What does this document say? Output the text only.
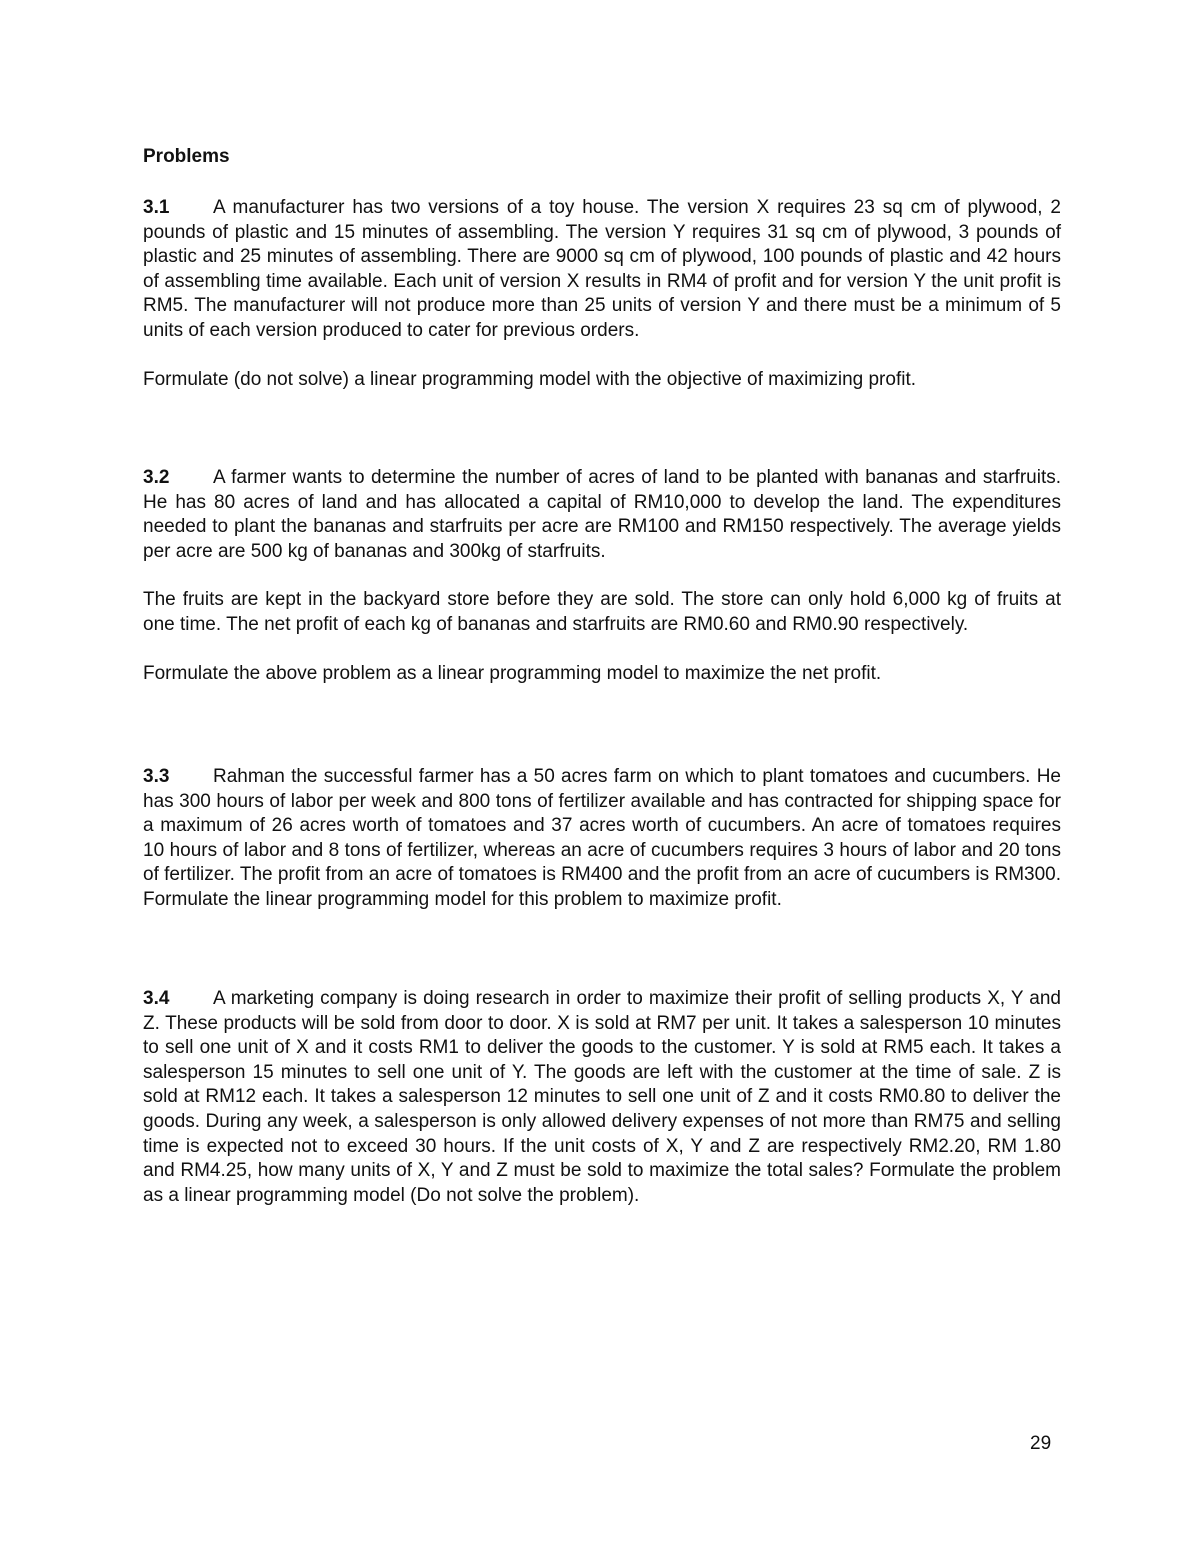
Problems

3.1 A manufacturer has two versions of a toy house. The version X requires 23 sq cm of plywood, 2 pounds of plastic and 15 minutes of assembling. The version Y requires 31 sq cm of plywood, 3 pounds of plastic and 25 minutes of assembling. There are 9000 sq cm of plywood, 100 pounds of plastic and 42 hours of assembling time available. Each unit of version X results in RM4 of profit and for version Y the unit profit is RM5. The manufacturer will not produce more than 25 units of version Y and there must be a minimum of 5 units of each version produced to cater for previous orders.

Formulate (do not solve) a linear programming model with the objective of maximizing profit.

3.2 A farmer wants to determine the number of acres of land to be planted with bananas and starfruits. He has 80 acres of land and has allocated a capital of RM10,000 to develop the land. The expenditures needed to plant the bananas and starfruits per acre are RM100 and RM150 respectively. The average yields per acre are 500 kg of bananas and 300kg of starfruits.

The fruits are kept in the backyard store before they are sold. The store can only hold 6,000 kg of fruits at one time. The net profit of each kg of bananas and starfruits are RM0.60 and RM0.90 respectively.

Formulate the above problem as a linear programming model to maximize the net profit.

3.3 Rahman the successful farmer has a 50 acres farm on which to plant tomatoes and cucumbers. He has 300 hours of labor per week and 800 tons of fertilizer available and has contracted for shipping space for a maximum of 26 acres worth of tomatoes and 37 acres worth of cucumbers. An acre of tomatoes requires 10 hours of labor and 8 tons of fertilizer, whereas an acre of cucumbers requires 3 hours of labor and 20 tons of fertilizer. The profit from an acre of tomatoes is RM400 and the profit from an acre of cucumbers is RM300. Formulate the linear programming model for this problem to maximize profit.

3.4 A marketing company is doing research in order to maximize their profit of selling products X, Y and Z. These products will be sold from door to door. X is sold at RM7 per unit. It takes a salesperson 10 minutes to sell one unit of X and it costs RM1 to deliver the goods to the customer. Y is sold at RM5 each. It takes a salesperson 15 minutes to sell one unit of Y. The goods are left with the customer at the time of sale. Z is sold at RM12 each. It takes a salesperson 12 minutes to sell one unit of Z and it costs RM0.80 to deliver the goods. During any week, a salesperson is only allowed delivery expenses of not more than RM75 and selling time is expected not to exceed 30 hours. If the unit costs of X, Y and Z are respectively RM2.20, RM 1.80 and RM4.25, how many units of X, Y and Z must be sold to maximize the total sales? Formulate the problem as a linear programming model (Do not solve the problem).

29
